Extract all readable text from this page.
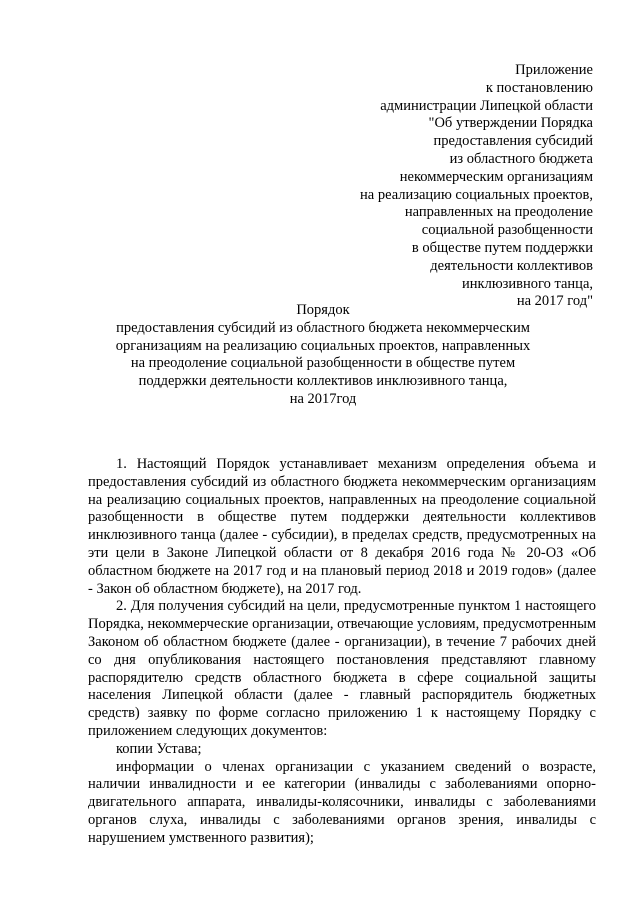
Приложение
к постановлению
администрации Липецкой области
"Об утверждении Порядка
предоставления субсидий
из областного бюджета
некоммерческим организациям
на реализацию социальных проектов,
направленных на преодоление
социальной разобщенности
в обществе путем поддержки
деятельности коллективов
инклюзивного танца,
на 2017 год"
Порядок
предоставления субсидий из областного бюджета некоммерческим
организациям на реализацию социальных проектов, направленных
на преодоление социальной разобщенности в обществе путем
поддержки деятельности коллективов инклюзивного танца,
на 2017год

1. Настоящий Порядок устанавливает механизм определения объема и предоставления субсидий из областного бюджета некоммерческим организациям на реализацию социальных проектов, направленных на преодоление социальной разобщенности в обществе путем поддержки деятельности коллективов инклюзивного танца (далее - субсидии), в пределах средств, предусмотренных на эти цели в Законе Липецкой области от 8 декабря 2016 года № 20-ОЗ «Об областном бюджете на 2017 год и на плановый период 2018 и 2019 годов» (далее - Закон об областном бюджете), на 2017 год.

2. Для получения субсидий на цели, предусмотренные пунктом 1 настоящего Порядка, некоммерческие организации, отвечающие условиям, предусмотренным Законом об областном бюджете (далее - организации), в течение 7 рабочих дней со дня опубликования настоящего постановления представляют главному распорядителю средств областного бюджета в сфере социальной защиты населения Липецкой области (далее - главный распорядитель бюджетных средств) заявку по форме согласно приложению 1 к настоящему Порядку с приложением следующих документов:

копии Устава;

информации о членах организации с указанием сведений о возрасте, наличии инвалидности и ее категории (инвалиды с заболеваниями опорно-двигательного аппарата, инвалиды-колясочники, инвалиды с заболеваниями органов слуха, инвалиды с заболеваниями органов зрения, инвалиды с нарушением умственного развития);
